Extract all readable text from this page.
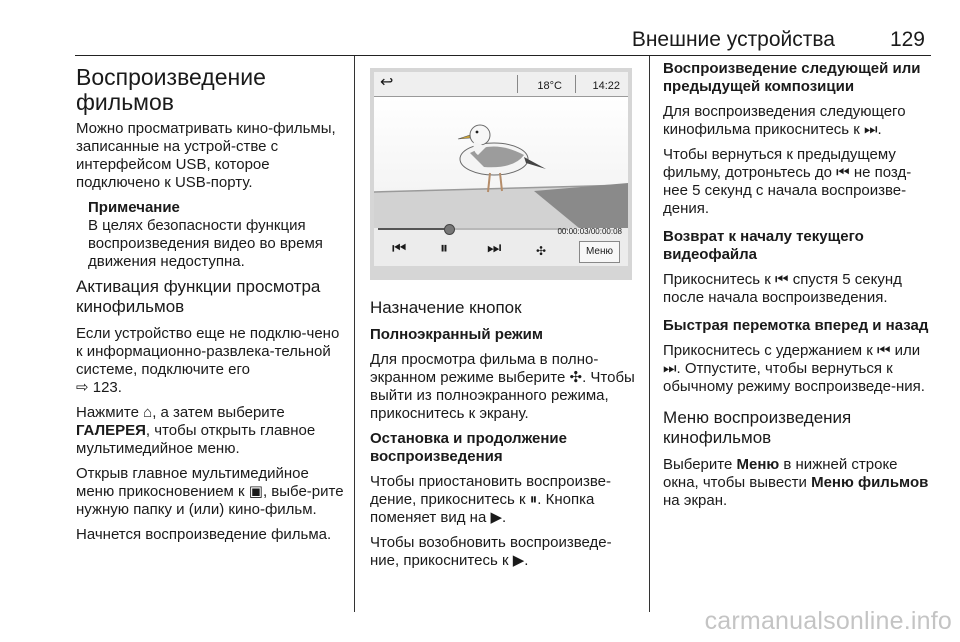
Внешние устройства	129
Воспроизведение фильмов

Можно просматривать кино-фильмы, записанные на устрой-стве с интерфейсом USB, которое подключено к USB-порту.

Примечание
В целях безопасности функция воспроизведения видео во время движения недоступна.
Активация функции просмотра кинофильмов

Если устройство еще не подклю-чено к информационно-развлека-тельной системе, подключите его
⇨ 123.

Нажмите ⌂, а затем выберите ГАЛЕРЕЯ, чтобы открыть главное мультимедийное меню.

Открыв главное мультимедийное меню прикосновением к ▣, выбе-рите нужную папку и (или) кино-фильм.

Начнется воспроизведение фильма.

↩	18°C	14:22
00:00:03/00:00:08
⏮ ⏸ ⏭	✣	Меню
Назначение кнопок

Полноэкранный режим

Для просмотра фильма в полно-экранном режиме выберите ✣. Чтобы выйти из полноэкранного режима, прикоснитесь к экрану.

Остановка и продолжение воспроизведения

Чтобы приостановить воспроизве-дение, прикоснитесь к ⏸. Кнопка поменяет вид на ▶.

Чтобы возобновить воспроизведе-ние, прикоснитесь к ▶.

Воспроизведение следующей или предыдущей композиции

Для воспроизведения следующего кинофильма прикоснитесь к ⏭.

Чтобы вернуться к предыдущему фильму, дотроньтесь до ⏮ не позд-нее 5 секунд с начала воспроизве-дения.

Возврат к началу текущего видеофайла

Прикоснитесь к ⏮ спустя 5 секунд после начала воспроизведения.

Быстрая перемотка вперед и назад

Прикоснитесь с удержанием к ⏮ или ⏭. Отпустите, чтобы вернуться к обычному режиму воспроизведе-ния.

Меню воспроизведения кинофильмов

Выберите Меню в нижней строке окна, чтобы вывести Меню фильмов на экран.

carmanualsonline.info
